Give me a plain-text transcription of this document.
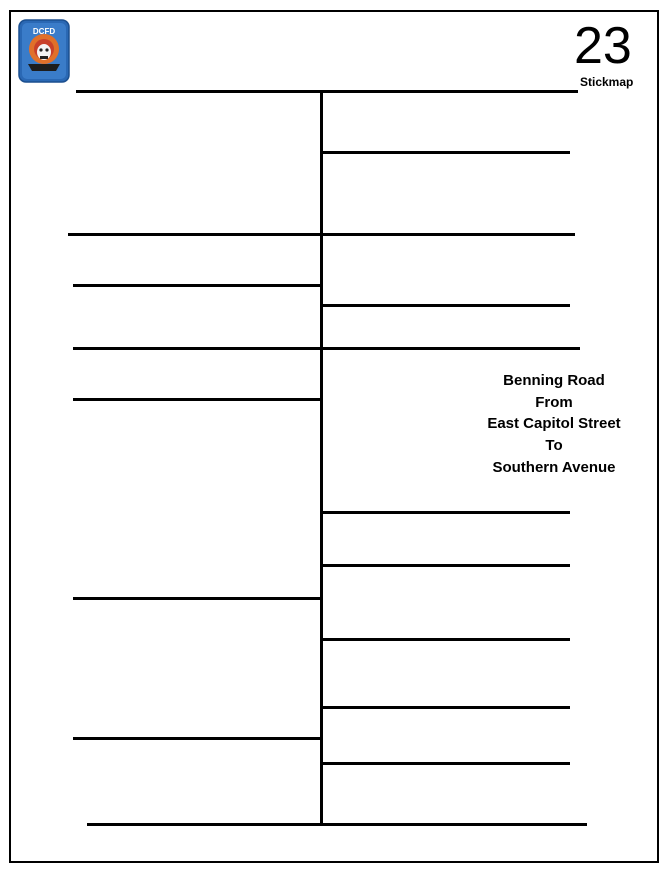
DCFD	23
Stickmap
Benning Road
From
East Capitol Street
To
Southern Avenue
